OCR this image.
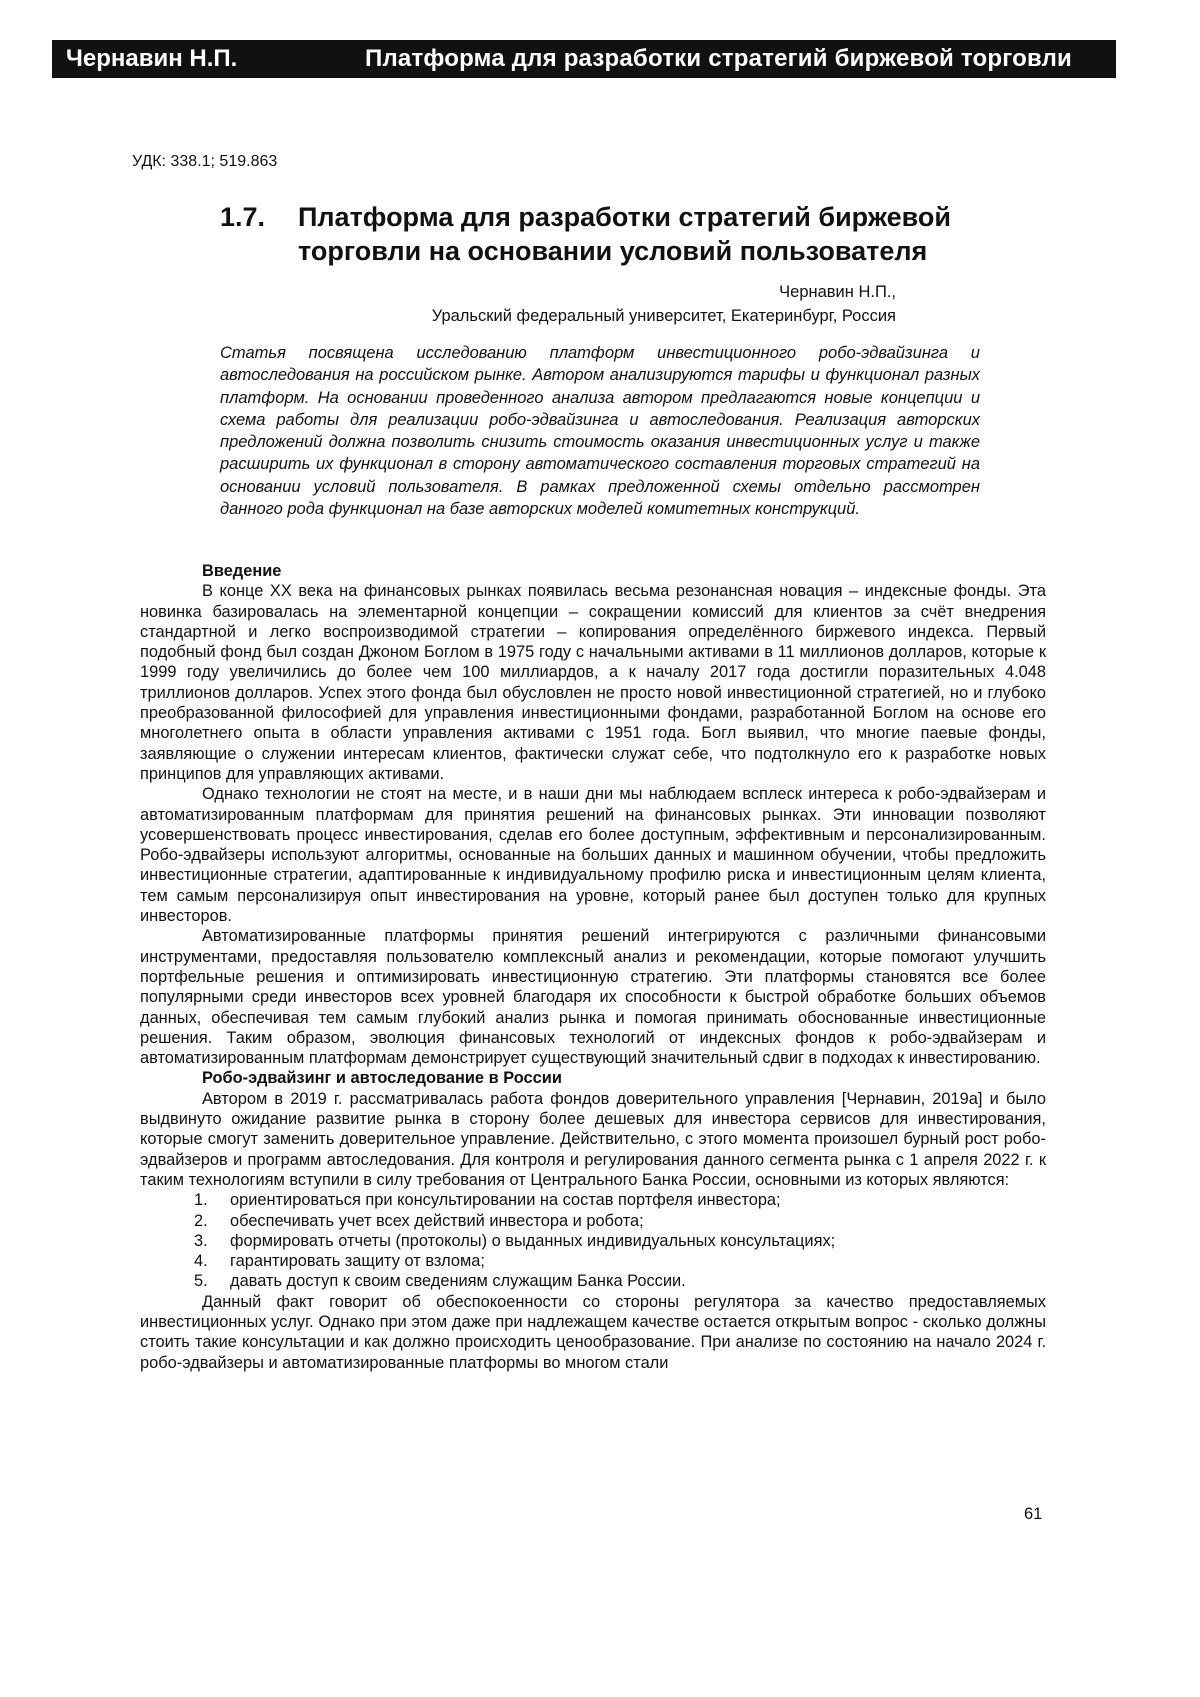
Чернавин Н.П.	Платформа для разработки стратегий биржевой торговли
УДК: 338.1; 519.863
1.7. Платформа для разработки стратегий биржевой
торговли на основании условий пользователя
Чернавин Н.П.,
Уральский федеральный университет, Екатеринбург, Россия
Статья посвящена исследованию платформ инвестиционного робо-эдвайзинга и автоследования на российском рынке. Автором анализируются тарифы и функционал разных платформ. На основании проведенного анализа автором предлагаются новые концепции и схема работы для реализации робо-эдвайзинга и автоследования. Реализация авторских предложений должна позволить снизить стоимость оказания инвестиционных услуг и также расширить их функционал в сторону автоматического составления торговых стратегий на основании условий пользователя. В рамках предложенной схемы отдельно рассмотрен данного рода функционал на базе авторских моделей комитетных конструкций.

Введение

В конце XX века на финансовых рынках появилась весьма резонансная новация – индексные фонды. Эта новинка базировалась на элементарной концепции – сокращении комиссий для клиентов за счёт внедрения стандартной и легко воспроизводимой стратегии – копирования определённого биржевого индекса. Первый подобный фонд был создан Джоном Боглом в 1975 году с начальными активами в 11 миллионов долларов, которые к 1999 году увеличились до более чем 100 миллиардов, а к началу 2017 года достигли поразительных 4.048 триллионов долларов. Успех этого фонда был обусловлен не просто новой инвестиционной стратегией, но и глубоко преобразованной философией для управления инвестиционными фондами, разработанной Боглом на основе его многолетнего опыта в области управления активами с 1951 года. Богл выявил, что многие паевые фонды, заявляющие о служении интересам клиентов, фактически служат себе, что подтолкнуло его к разработке новых принципов для управляющих активами.

Однако технологии не стоят на месте, и в наши дни мы наблюдаем всплеск интереса к робо-эдвайзерам и автоматизированным платформам для принятия решений на финансовых рынках. Эти инновации позволяют усовершенствовать процесс инвестирования, сделав его более доступным, эффективным и персонализированным. Робо-эдвайзеры используют алгоритмы, основанные на больших данных и машинном обучении, чтобы предложить инвестиционные стратегии, адаптированные к индивидуальному профилю риска и инвестиционным целям клиента, тем самым персонализируя опыт инвестирования на уровне, который ранее был доступен только для крупных инвесторов.

Автоматизированные платформы принятия решений интегрируются с различными финансовыми инструментами, предоставляя пользователю комплексный анализ и рекомендации, которые помогают улучшить портфельные решения и оптимизировать инвестиционную стратегию. Эти платформы становятся все более популярными среди инвесторов всех уровней благодаря их способности к быстрой обработке больших объемов данных, обеспечивая тем самым глубокий анализ рынка и помогая принимать обоснованные инвестиционные решения. Таким образом, эволюция финансовых технологий от индексных фондов к робо-эдвайзерам и автоматизированным платформам демонстрирует существующий значительный сдвиг в подходах к инвестированию.

Робо-эдвайзинг и автоследование в России

Автором в 2019 г. рассматривалась работа фондов доверительного управления [Чернавин, 2019а] и было выдвинуто ожидание развитие рынка в сторону более дешевых для инвестора сервисов для инвестирования, которые смогут заменить доверительное управление. Действительно, с этого момента произошел бурный рост робо-эдвайзеров и программ автоследования. Для контроля и регулирования данного сегмента рынка с 1 апреля 2022 г. к таким технологиям вступили в силу требования от Центрального Банка России, основными из которых являются:

1. ориентироваться при консультировании на состав портфеля инвестора;
2. обеспечивать учет всех действий инвестора и робота;
3. формировать отчеты (протоколы) о выданных индивидуальных консультациях;
4. гарантировать защиту от взлома;
5. давать доступ к своим сведениям служащим Банка России.

Данный факт говорит об обеспокоенности со стороны регулятора за качество предоставляемых инвестиционных услуг. Однако при этом даже при надлежащем качестве остается открытым вопрос - сколько должны стоить такие консультации и как должно происходить ценообразование. При анализе по состоянию на начало 2024 г. робо-эдвайзеры и автоматизированные платформы во многом стали

61
